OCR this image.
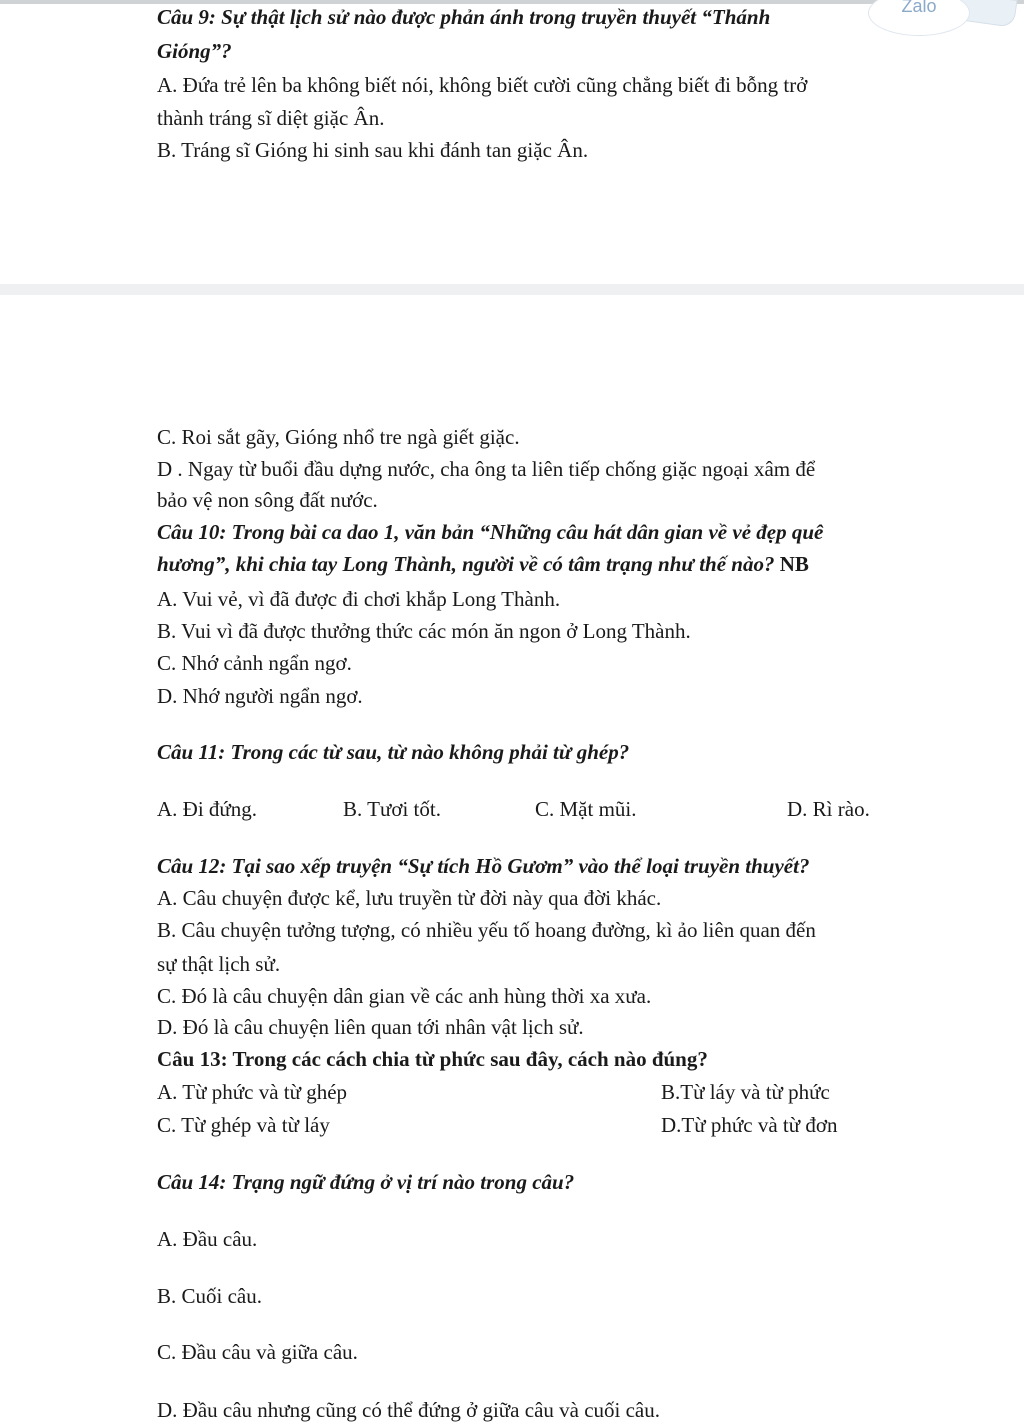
Zalo
Câu 9: Sự thật lịch sử nào được phản ánh trong truyền thuyết “Thánh
Gióng”?
A. Đứa trẻ lên ba không biết nói, không biết cười cũng chẳng biết đi bỗng trở
thành tráng sĩ diệt giặc Ân.
B. Tráng sĩ Gióng hi sinh sau khi đánh tan giặc Ân.
C. Roi sắt gãy, Gióng nhổ tre ngà giết giặc.
D . Ngay từ buổi đầu dựng nước, cha ông ta liên tiếp chống giặc ngoại xâm để
bảo vệ non sông đất nước.
Câu 10: Trong bài ca dao 1, văn bản “Những câu hát dân gian về vẻ đẹp quê
hương”, khi chia tay Long Thành, người về có tâm trạng như thế nào? NB
A. Vui vẻ, vì đã được đi chơi khắp Long Thành.
B. Vui vì đã được thưởng thức các món ăn ngon ở Long Thành.
C. Nhớ cảnh ngẩn ngơ.
D. Nhớ người ngẩn ngơ.
Câu 11: Trong các từ sau, từ nào không phải từ ghép?
A. Đi đứng.	B. Tươi tốt.	C. Mặt mũi.	D. Rì rào.
Câu 12: Tại sao xếp truyện “Sự tích Hồ Gươm” vào thể loại truyền thuyết?
A. Câu chuyện được kể, lưu truyền từ đời này qua đời khác.
B. Câu chuyện tưởng tượng, có nhiều yếu tố hoang đường, kì ảo liên quan đến
sự thật lịch sử.
C. Đó là câu chuyện dân gian về các anh hùng thời xa xưa.
D. Đó là câu chuyện liên quan tới nhân vật lịch sử.
Câu 13: Trong các cách chia từ phức sau đây, cách nào đúng?
A. Từ phức và từ ghép	B.Từ láy và từ phức
C. Từ ghép và từ láy	D.Từ phức và từ đơn
Câu 14: Trạng ngữ đứng ở vị trí nào trong câu?
A. Đầu câu.
B. Cuối câu.
C. Đầu câu và giữa câu.
D. Đầu câu nhưng cũng có thể đứng ở giữa câu và cuối câu.
